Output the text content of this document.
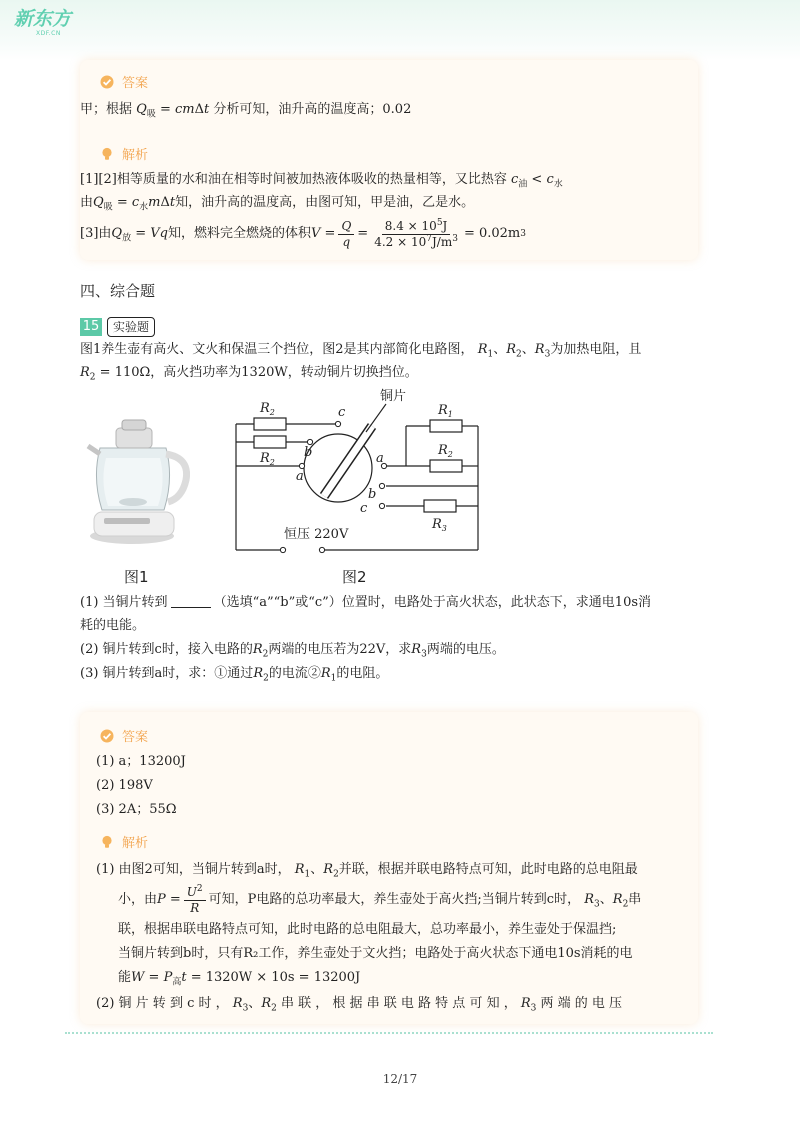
新东方
XDF.CN
答案
甲；根据 $Q_吸 = cm\Delta t$ 分析可知，油升高的温度高；0.02
解析
[1][2]相等质量的水和油在相等时间被加热液体吸收的热量相等，又比热容 $c_油 < c_水$
由$Q_吸 = c_水m\Delta t$知，油升高的温度高，由图可知，甲是油，乙是水。
[3]由 $Q_放 = Vq$ 知，燃料完全燃烧的体积 $V = \frac{Q}{q} = \frac{8.4 \times 10^5J}{4.2 \times 10^7J/m^3} = 0.02m$ 3
四、综合题
15	实验题
图1养生壶有高火、文火和保温三个挡位，图2是其内部简化电路图， $R_1$、$R_2$、$R_3$为加热电阻，且
$R_2 = 110\Omega$，高火挡功率为1320W，转动铜片切换挡位。
图1
铜片
$R_2$
$R_2$
$R_1$
$R_2$
$R_3$
c
b
a
a
b
c
恒压 220V
图2
(1) 当铜片转到	（选填“a”“b”或“c”）位置时，电路处于高火状态，此状态下，求通电10s消
耗的电能。
(2) 铜片转到c时，接入电路的$R_2$两端的电压若为22V，求$R_3$两端的电压。
(3) 铜片转到a时，求：①通过$R_2$的电流$②R_1$的电阻。
答案
(1) a；13200J
(2) 198V
(3) 2A；55Ω
解析
(1) 由图2可知，当铜片转到a时， $R_1$、$R_2$并联，根据并联电路特点可知，此时电路的总电阻最
小，由 $P = \frac{U^2}{R}$ 可知，P电路的总功率最大，养生壶处于高火挡;当铜片转到c时， $R_3$、$R_2$ 串
联，根据串联电路特点可知，此时电路的总电阻最大，总功率最小，养生壶处于保温挡;
当铜片转到b时，只有R₂工作，养生壶处于文火挡；电路处于高火状态下通电10s消耗的电
能$W = P_高t = 1320W \times 10s = 13200J$
(2) 铜 片 转 到 c 时 ， $R_3$、$R_2$ 串 联 ， 根 据 串 联 电 路 特 点 可 知 ， $R_3$ 两 端 的 电 压
12/17
